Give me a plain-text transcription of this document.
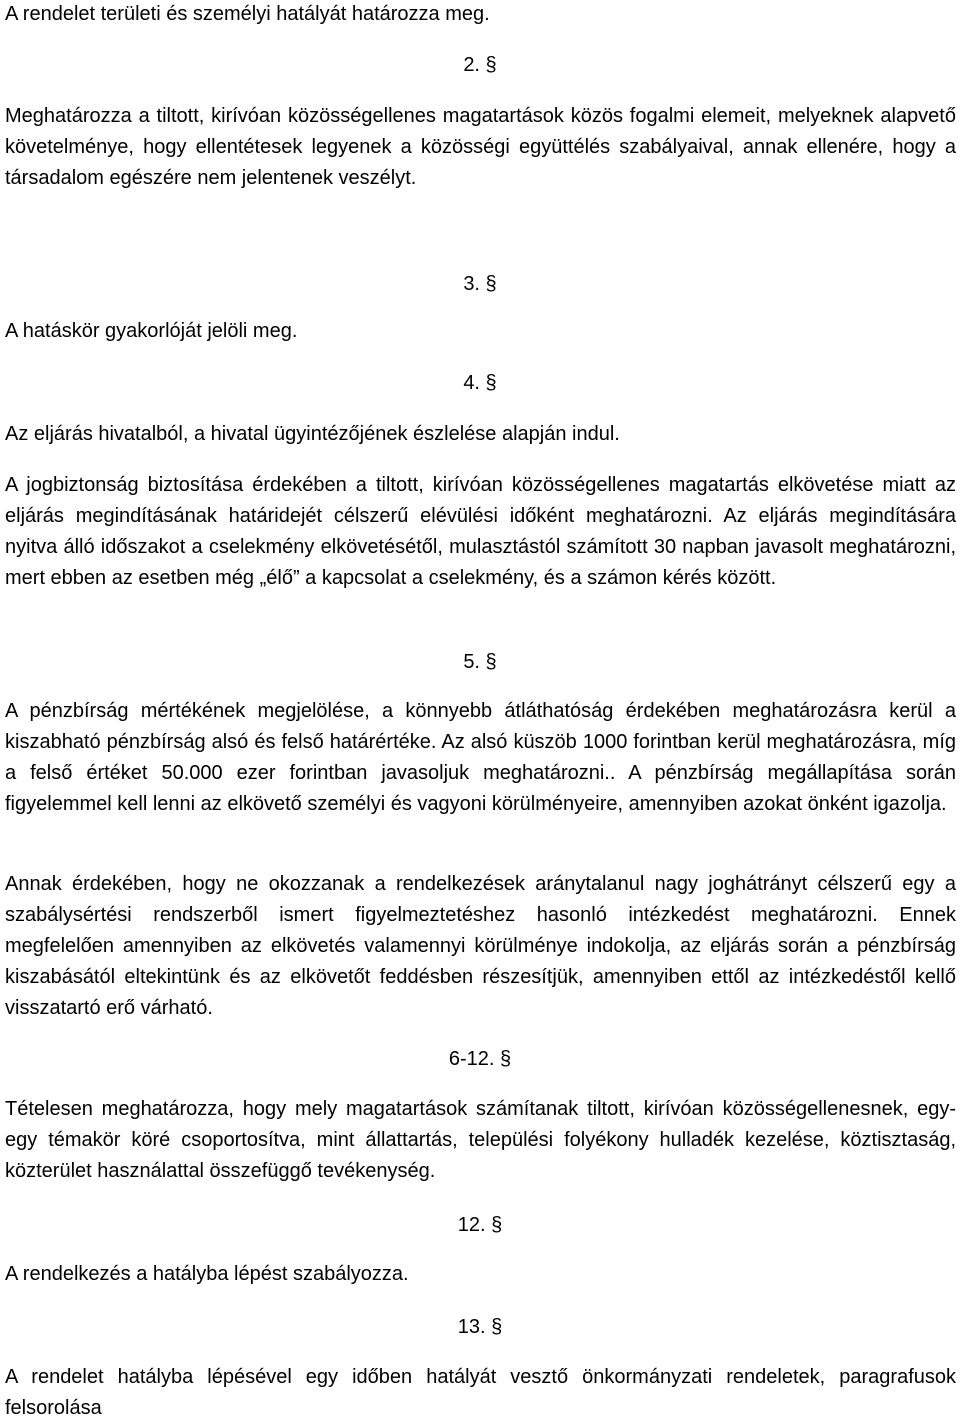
A rendelet területi és személyi hatályát határozza meg.

2. §

Meghatározza a tiltott, kirívóan közösségellenes magatartások közös fogalmi elemeit, melyeknek alapvető követelménye, hogy ellentétesek legyenek a közösségi együttélés szabályaival, annak ellenére, hogy a társadalom egészére nem jelentenek veszélyt.

3. §

A hatáskör gyakorlóját jelöli meg.

4. §

Az eljárás hivatalból, a hivatal ügyintézőjének észlelése alapján indul.

A jogbiztonság biztosítása érdekében a tiltott, kirívóan közösségellenes magatartás elkövetése miatt az eljárás megindításának határidejét célszerű elévülési időként meghatározni. Az eljárás megindítására nyitva álló időszakot a cselekmény elkövetésétől, mulasztástól számított 30 napban javasolt meghatározni, mert ebben az esetben még „élő” a kapcsolat a cselekmény, és a számon kérés között.

5. §

A pénzbírság mértékének megjelölése, a könnyebb átláthatóság érdekében meghatározásra kerül a kiszabható pénzbírság alsó és felső határértéke. Az alsó küszöb 1000 forintban kerül meghatározásra, míg a felső értéket 50.000 ezer forintban javasoljuk meghatározni.. A pénzbírság megállapítása során figyelemmel kell lenni az elkövető személyi és vagyoni körülményeire, amennyiben azokat önként igazolja.

Annak érdekében, hogy ne okozzanak a rendelkezések aránytalanul nagy joghátrányt célszerű egy a szabálysértési rendszerből ismert figyelmeztetéshez hasonló intézkedést meghatározni. Ennek megfelelően amennyiben az elkövetés valamennyi körülménye indokolja, az eljárás során a pénzbírság kiszabásától eltekintünk és az elkövetőt feddésben részesítjük, amennyiben ettől az intézkedéstől kellő visszatartó erő várható.

6-12. §

Tételesen meghatározza, hogy mely magatartások számítanak tiltott, kirívóan közösségellenesnek, egy-egy témakör köré csoportosítva, mint állattartás, települési folyékony hulladék kezelése, köztisztaság, közterület használattal összefüggő tevékenység.

12. §

A rendelkezés a hatályba lépést szabályozza.

13. §

A rendelet hatályba lépésével egy időben hatályát vesztő önkormányzati rendeletek, paragrafusok felsorolása
